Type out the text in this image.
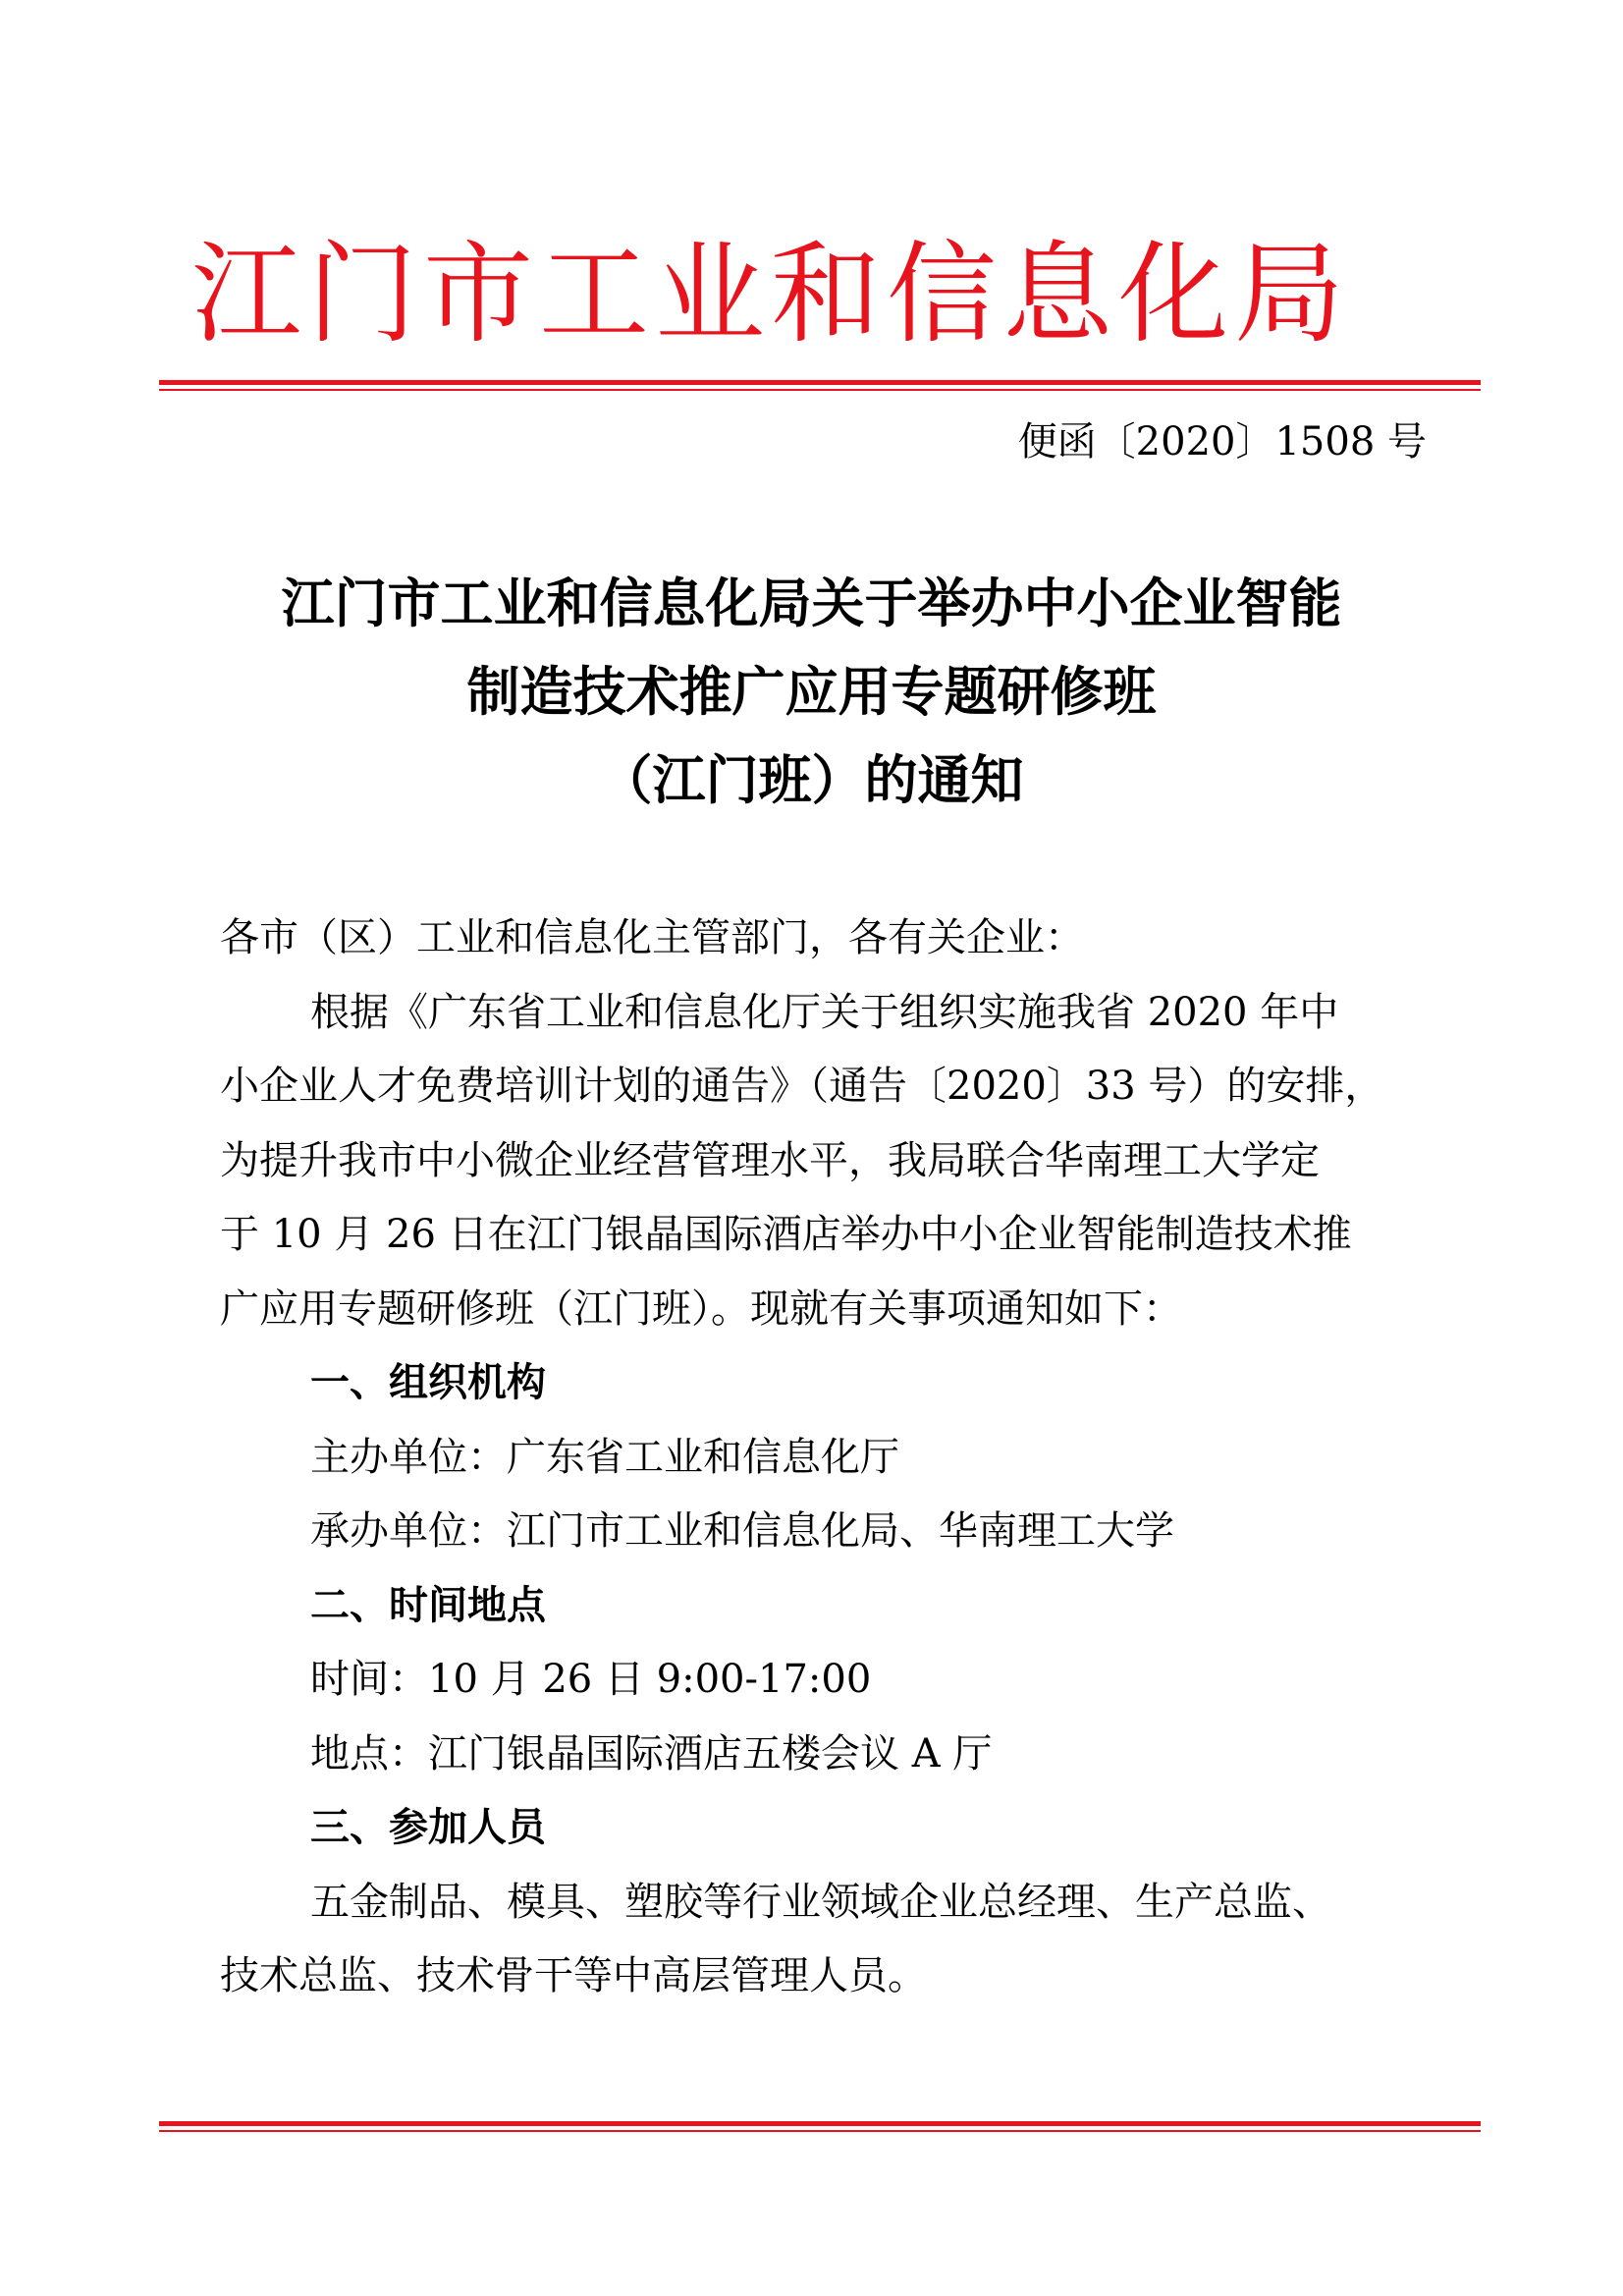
江门市工业和信息化局
便函〔2020〕1508 号
江门市工业和信息化局关于举办中小企业智能
制造技术推广应用专题研修班
（江门班）的通知
各市（区）工业和信息化主管部门，各有关企业：
根据《广东省工业和信息化厅关于组织实施我省 2020 年中
小企业人才免费培训计划的通告》（通告〔2020〕33 号）的安排，
为提升我市中小微企业经营管理水平，我局联合华南理工大学定
于 10 月 26 日在江门银晶国际酒店举办中小企业智能制造技术推
广应用专题研修班（江门班）。现就有关事项通知如下：
一、组织机构
主办单位：广东省工业和信息化厅
承办单位：江门市工业和信息化局、华南理工大学
二、时间地点
时间：10 月 26 日 9:00-17:00
地点：江门银晶国际酒店五楼会议 A 厅
三、参加人员
五金制品、模具、塑胶等行业领域企业总经理、生产总监、
技术总监、技术骨干等中高层管理人员。
